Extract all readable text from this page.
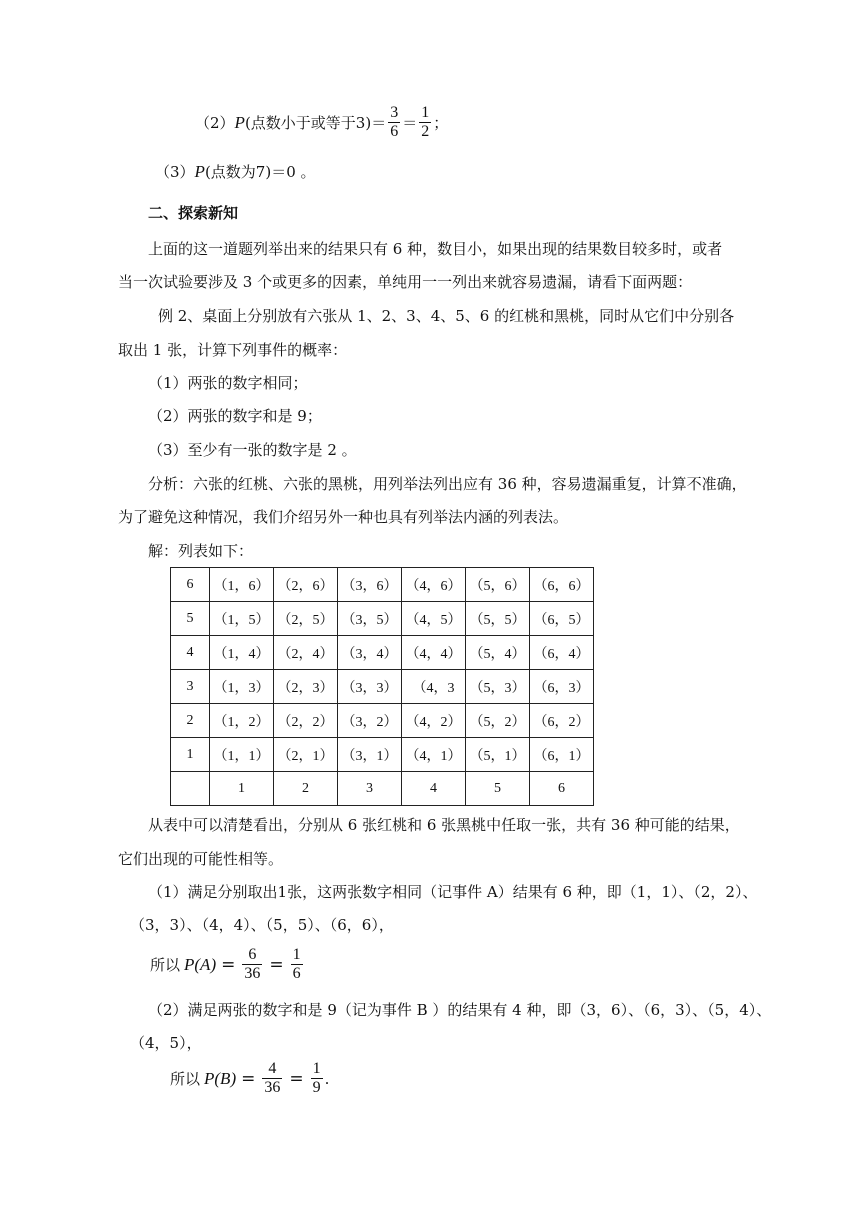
（2） P (点数小于或等于$3) = \frac{3}{6} = \frac{1}{2}$ ；
（3） P (点数为7) ＝0 。
二、探索新知
上面的这一道题列举出来的结果只有 6 种，数目小，如果出现的结果数目较多时，或者
当一次试验要涉及 3 个或更多的因素，单纯用一一列出来就容易遗漏，请看下面两题：
例 2、桌面上分别放有六张从 1、2、3、4、5、6 的红桃和黑桃，同时从它们中分别各
取出 1 张，计算下列事件的概率：
（1）两张的数字相同；
（2）两张的数字和是 9；
（3）至少有一张的数字是 2 。
分析：六张的红桃、六张的黑桃，用列举法列出应有 36 种，容易遗漏重复，计算不准确，
为了避免这种情况，我们介绍另外一种也具有列举法内涵的列表法。
解：列表如下：
6	（1，6）	（2，6）	（3，6）	（4，6）	（5，6）	（6，6）
5	（1，5）	（2，5）	（3，5）	（4，5）	（5，5）	（6，5）
4	（1，4）	（2，4）	（3，4）	（4，4）	（5，4）	（6，4）
3	（1，3）	（2，3）	（3，3）	（4，3	（5，3）	（6，3）
2	（1，2）	（2，2）	（3，2）	（4，2）	（5，2）	（6，2）
1	（1，1）	（2，1）	（3，1）	（4，1）	（5，1）	（6，1）
	1	2	3	4	5	6
从表中可以清楚看出，分别从 6 张红桃和 6 张黑桃中任取一张，共有 36 种可能的结果，
它们出现的可能性相等。
（1）满足分别取出1张，这两张数字相同（记事件 A）结果有 6 种，即（1，1）、（2，2）、
（3，3）、（4，4）、（5，5）、（6，6），
所以 $P(A) = \frac{6}{36} = \frac{1}{6}$
（2）满足两张的数字和是 9（记为事件 B ）的结果有 4 种，即（3，6）、（6，3）、（5，4）、
（4，5），
所以 $P(B) = \frac{4}{36} = \frac{1}{9}$ .
